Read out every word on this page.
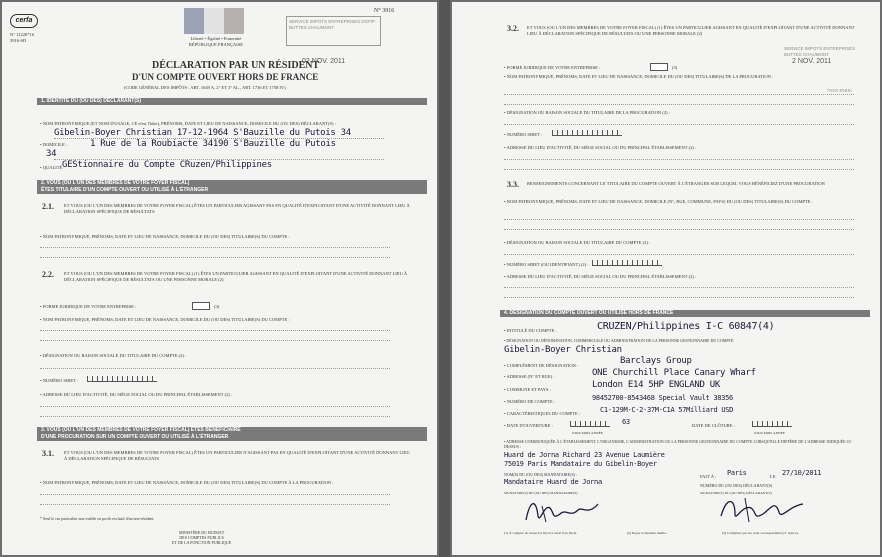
cerfa
N° 11226*16
3916-SD	Liberté • Égalité • Fraternité
RÉPUBLIQUE FRANÇAISE
N° 3916
SERVICE IMPOTS ENTREPRISES DGFiP
BUTTES CHAUMONT
02 NOV. 2011
DÉCLARATION PAR UN RÉSIDENT
D'UN COMPTE OUVERT HORS DE FRANCE
(CODE GÉNÉRAL DES IMPÔTS : ART. 1649 A, 2° ET 3° AL., ART. 1736 ET 1758 IV)
1. IDENTITÉ DU (OU DES) DÉCLARANT(S)
• NOM PATRONYMIQUE (ET NOM D'USAGE, CE n'est l'hôte), PRÉNOMS, DATE ET LIEU DE NAISSANCE, DOMICILE DU (OU DES) DÉCLARANT(S) :
Gibelin-Boyer Christian 17-12-1964 S'Bauzille du Putois 34
• DOMICILE :	1 Rue de la Roubiacte 34190 S'Bauzille du Putois
34
• QUALITÉ :
GEStionnaire du Compte CRuzen/Philippines
2. VOUS (OU L'UN DES MEMBRES DE VOTRE FOYER FISCAL)
ÊTES TITULAIRE D'UN COMPTE OUVERT OU UTILISÉ À L'ÉTRANGER
2.1. ET VOUS (OU L'UN DES MEMBRES DE VOTRE FOYER FISCAL) ÊTES UN PARTICULIER AGISSANT PAS EN QUALITÉ D'EXPLOITANT D'UNE ACTIVITÉ DONNANT LIEU À DÉCLARATION SPÉCIFIQUE DE RÉSULTATS
• NOM PATRONYMIQUE, PRÉNOMS, DATE ET LIEU DE NAISSANCE, DOMICILE DU (OU DES) TITULAIRE(S) DU COMPTE :
2.2. ET VOUS (OU L'UN DES MEMBRES DE VOTRE FOYER FISCAL) (1) ÊTES UN PARTICULIER AGISSANT EN QUALITÉ D'EXPLOITANT D'UNE ACTIVITÉ DONNANT LIEU À DÉCLARATION SPÉCIFIQUE DE RÉSULTATS OU UNE PERSONNE MORALE (2)
• FORME JURIDIQUE DE VOTRE ENTREPRISE :	(3)
• NOM PATRONYMIQUE, PRÉNOMS, DATE ET LIEU DE NAISSANCE, DOMICILE DU (OU DES) TITULAIRE(S) DU COMPTE :
• DÉSIGNATION OU RAISON SOCIALE DU TITULAIRE DU COMPTE (2) :
• NUMÉRO SIRET :
• ADRESSE DU LIEU D'ACTIVITÉ, DU SIÈGE SOCIAL OU DU PRINCIPAL ÉTABLISSEMENT (2) :
3. VOUS (OU L'UN DES MEMBRES DE VOTRE FOYER FISCAL) ÊTES BÉNÉFICIAIRE
D'UNE PROCURATION SUR UN COMPTE OUVERT OU UTILISÉ À L'ÉTRANGER
3.1. ET VOUS (OU L'UN DES MEMBRES DE VOTRE FOYER FISCAL) ÊTES UN PARTICULIER N'AGISSANT PAS EN QUALITÉ D'EXPLOITANT D'UNE ACTIVITÉ DONNANT LIEU À DÉCLARATION SPÉCIFIQUE DE RÉSULTATS
• NOM PATRONYMIQUE, PRÉNOMS, DATE ET LIEU DE NAISSANCE, DOMICILE DU (OU DES) TITULAIRE(S) DU COMPTE À LA PROCURATION :
* Seul le cas particulier non visible ou profit exclusif d'un non-résident.
MINISTÈRE DU BUDGET
DES COMPTES PUBLICS
ET DE LA FONCTION PUBLIQUE
3.2. ET VOUS (OU L'UN DES MEMBRES DE VOTRE FOYER FISCAL) (1) ÊTES UN PARTICULIER AGISSANT EN QUALITÉ D'EXPLOITANT D'UNE ACTIVITÉ DONNANT LIEU À DÉCLARATION SPÉCIFIQUE DE RÉSULTATS OU UNE PERSONNE MORALE (2)
SERVICE IMPOTS ENTREPRISES
BUTTES CHAUMONT
2 NOV. 2011
75019 PARIS
• FORME JURIDIQUE DE VOTRE ENTREPRISE :	(3)
• NOM PATRONYMIQUE, PRÉNOMS, DATE ET LIEU DE NAISSANCE, DOMICILE DU (OU DES) TITULAIRE(S) DE LA PROCURATION :
• DÉSIGNATION OU RAISON SOCIALE DU TITULAIRE DE LA PROCURATION (2) :
• NUMÉRO SIRET :
• ADRESSE DU LIEU D'ACTIVITÉ, DU SIÈGE SOCIAL OU DU PRINCIPAL ÉTABLISSEMENT (2) :
3.3. RENSEIGNEMENTS CONCERNANT LE TITULAIRE DU COMPTE OUVERT À L'ÉTRANGER SUR LEQUEL VOUS BÉNÉFICIEZ D'UNE PROCURATION
• NOM PATRONYMIQUE, PRÉNOMS, DATE ET LIEU DE NAISSANCE, DOMICILE (N°, RUE, COMMUNE, PAYS) DU (OU DES) TITULAIRE(S) DU COMPTE :
• DÉSIGNATION OU RAISON SOCIALE DU TITULAIRE DU COMPTE (2) :
• NUMÉRO SIRET (OU IDENTIFIANT) (2) :
• ADRESSE DU LIEU D'ACTIVITÉ, DU SIÈGE SOCIAL OU DU PRINCIPAL ÉTABLISSEMENT (2) :
4. DÉSIGNATION DU COMPTE OUVERT OU UTILISÉ HORS DE FRANCE
• INTITULÉ DU COMPTE :	CRUZEN/Philippines I-C 60847(4)
• DÉSIGNATION OU DÉNOMINATION, COMMERCIALE OU ADMINISTRATION DE LA PERSONNE GESTIONNAIRE DU COMPTE
Gibelin-Boyer Christian
• COMPLÉMENT DE DÉSIGNATION :	Barclays Group
• ADRESSE (N° ET RUE) :	ONE Churchill Place Canary Wharf
• COMMUNE ET PAYS :	London E14 5HP ENGLAND UK
• NUMÉRO DE COMPTE :	98452700-8543468 Special Vault 38356
• CARACTÉRISTIQUES DU COMPTE :	C1-129M-C-2-37M-C1A 57Milliard USD
• DATE D'OUVERTURE :	63
JOUR MOIS ANNÉE
DATE DE CLÔTURE :
JOUR MOIS ANNÉE
• ADRESSE COMMUNIQUÉE À L'ÉTABLISSEMENT, L'ORGANISME, L'ADMINISTRATION OU LA PERSONNE GESTIONNAIRE DU COMPTE LORSQU'ELLE DIFFÈRE DE L'ADRESSE INDIQUÉE CI-DESSUS :
Huard de Jorna Richard 23 Avenue Laumière
75019 Paris Mandataire du Gibelin-Boyer
NOM(S) DU (OU DES) MANDATAIRE(S) :
Mandataire Huard de Jorna
FAIT À : Paris	LE 27/10/2011
NUMÉRO DU (OU DES) DÉCLARANT(S)
SIGNATURE(S) DU (OU DES) MANDATAIRE(S)	SIGNATURE(S) DU (OU DES) DÉCLARANT(S)
(1) À compter de l'exercice fiscal à venir four fiscal.	(2) Rayer la mention inutile.	(3) Compléter par les code correspondants (cf. notice).
